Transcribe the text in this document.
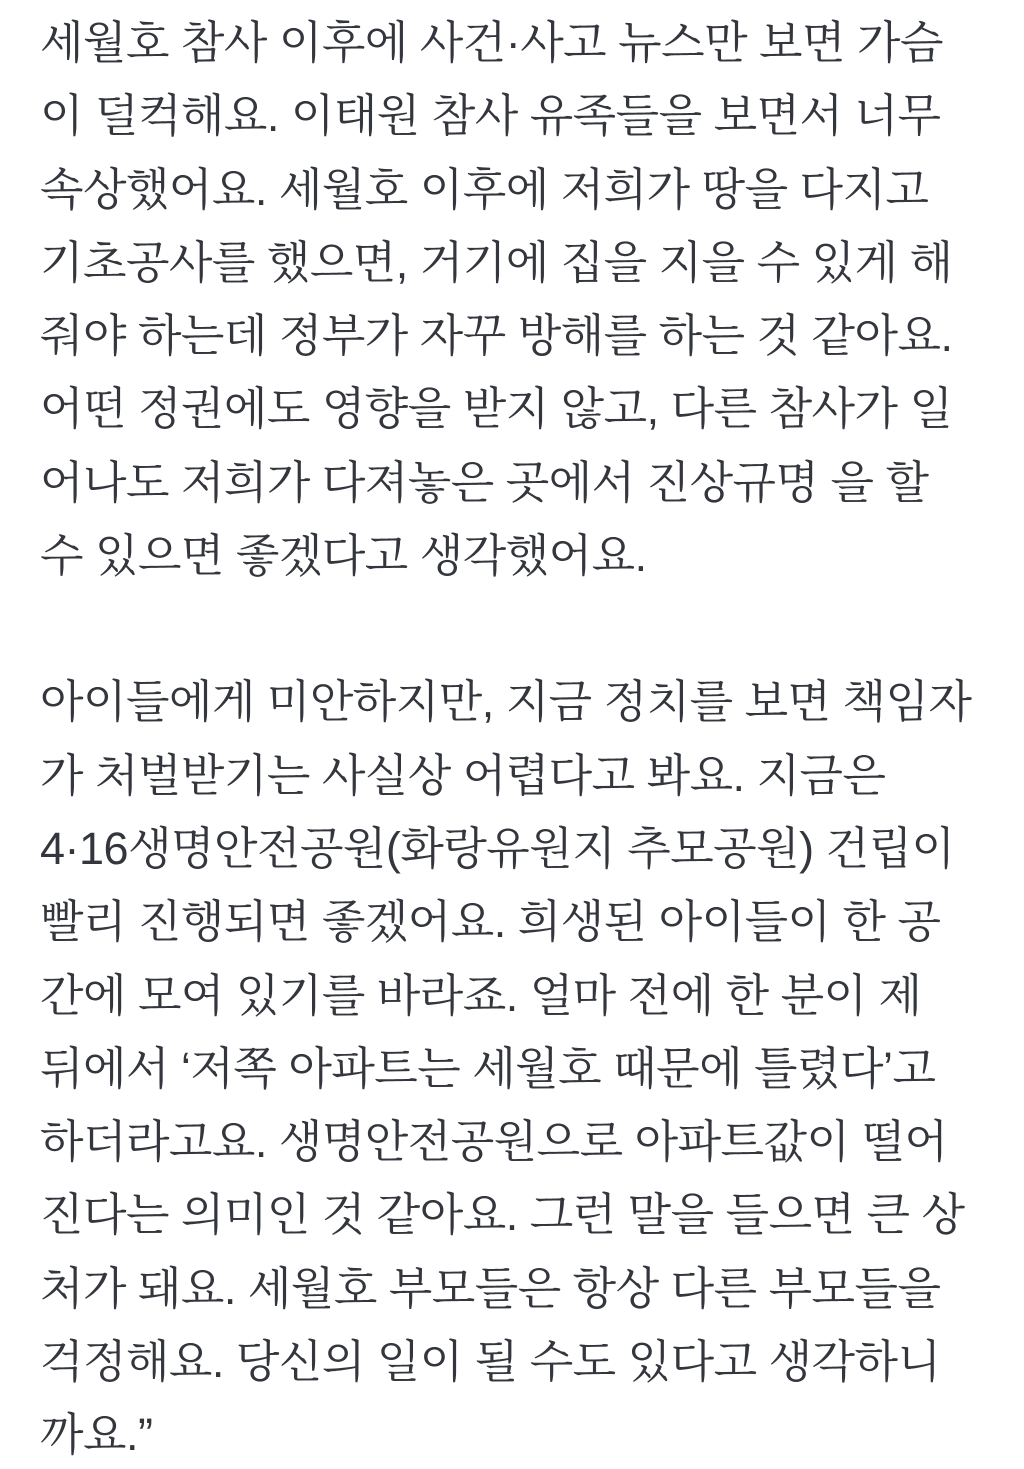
세월호 참사 이후에 사건·사고 뉴스만 보면 가슴
이 덜컥해요. 이태원 참사 유족들을 보면서 너무
속상했어요. 세월호 이후에 저희가 땅을 다지고
기초공사를 했으면, 거기에 집을 지을 수 있게 해
줘야 하는데 정부가 자꾸 방해를 하는 것 같아요.
어떤 정권에도 영향을 받지 않고, 다른 참사가 일
어나도 저희가 다져놓은 곳에서 진상규명 을 할
수 있으면 좋겠다고 생각했어요.
아이들에게 미안하지만, 지금 정치를 보면 책임자
가 처벌받기는 사실상 어렵다고 봐요. 지금은
4·16생명안전공원(화랑유원지 추모공원) 건립이
빨리 진행되면 좋겠어요. 희생된 아이들이 한 공
간에 모여 있기를 바라죠. 얼마 전에 한 분이 제
뒤에서 ‘저쪽 아파트는 세월호 때문에 틀렸다’고
하더라고요. 생명안전공원으로 아파트값이 떨어
진다는 의미인 것 같아요. 그런 말을 들으면 큰 상
처가 돼요. 세월호 부모들은 항상 다른 부모들을
걱정해요. 당신의 일이 될 수도 있다고 생각하니
까요.”
